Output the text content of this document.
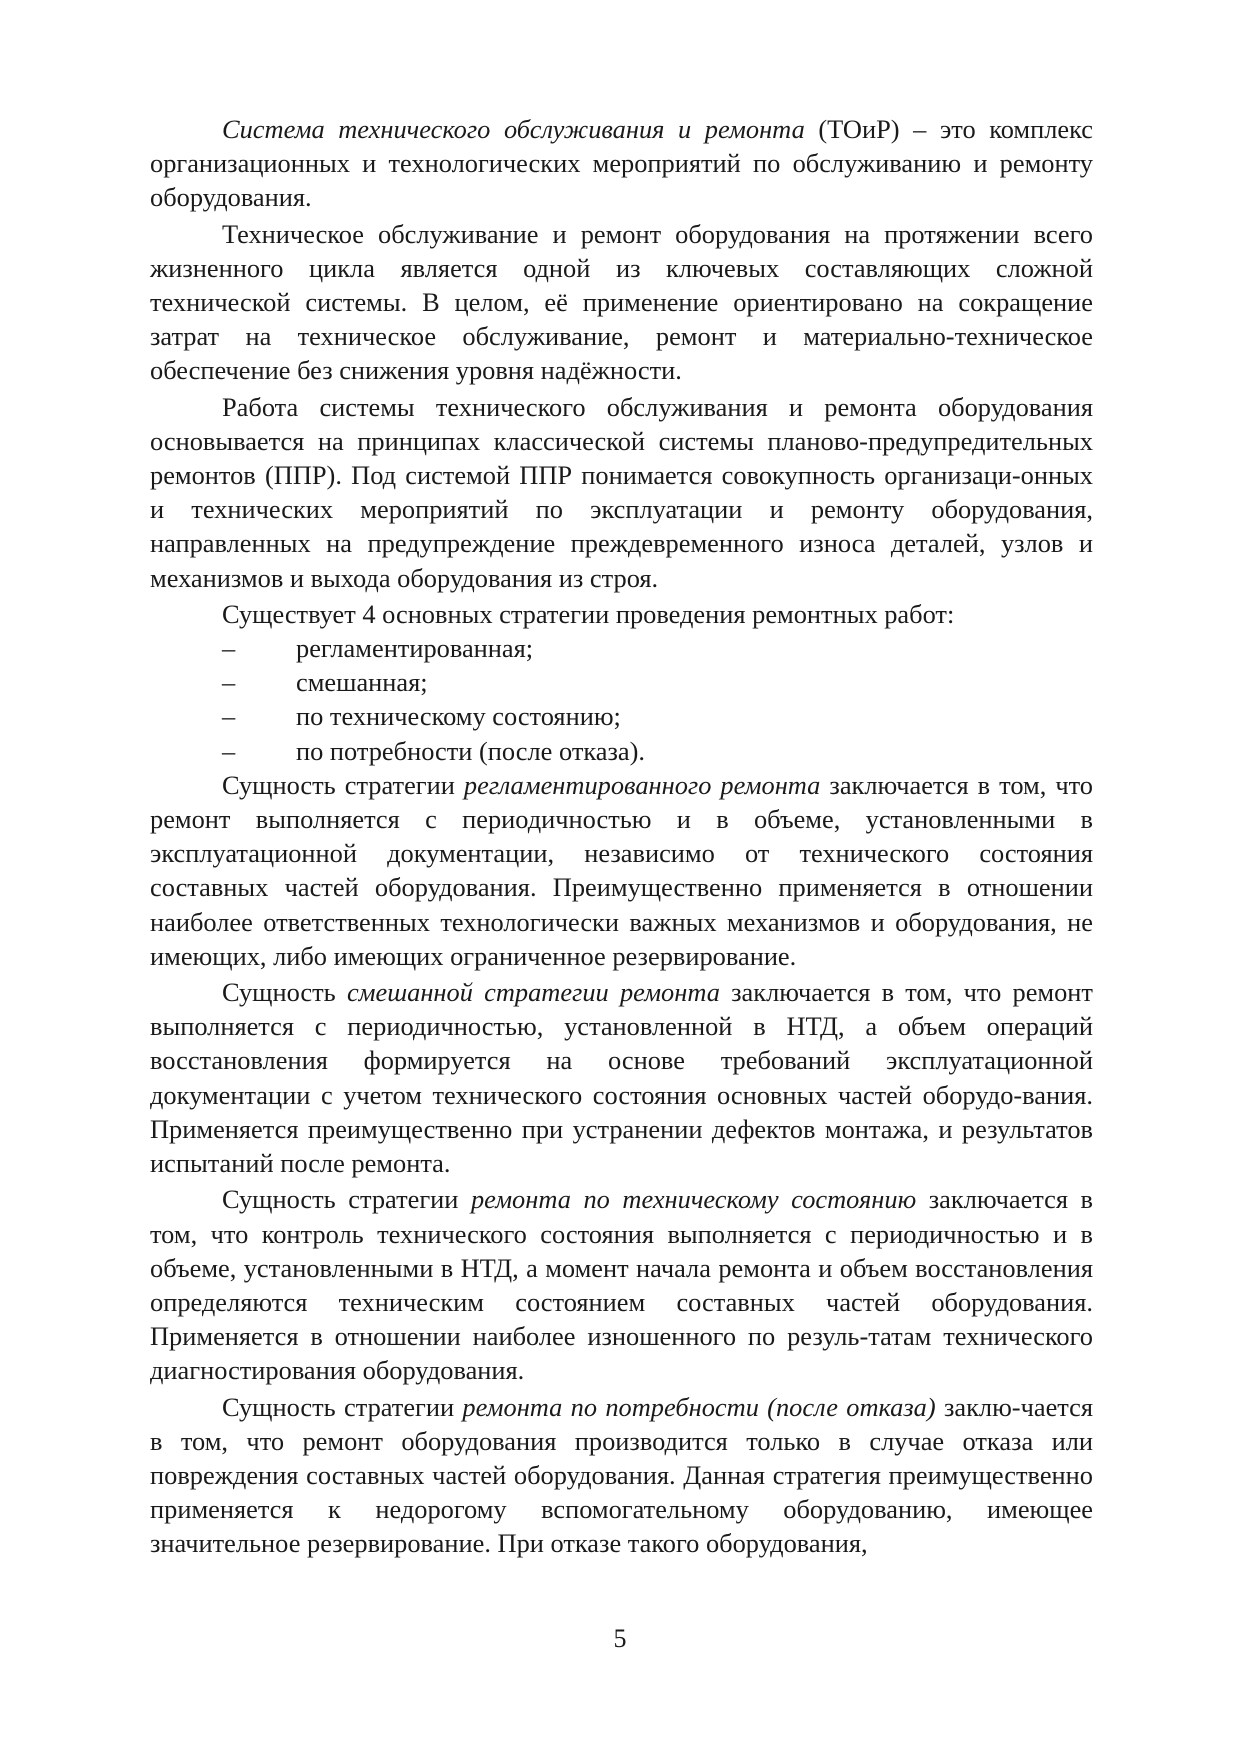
Система технического обслуживания и ремонта (ТОиР) – это комплекс организационных и технологических мероприятий по обслуживанию и ремонту оборудования.

Техническое обслуживание и ремонт оборудования на протяжении всего жизненного цикла является одной из ключевых составляющих сложной технической системы. В целом, её применение ориентировано на сокращение затрат на техническое обслуживание, ремонт и материально-техническое обеспечение без снижения уровня надёжности.

Работа системы технического обслуживания и ремонта оборудования основывается на принципах классической системы планово-предупредительных ремонтов (ППР). Под системой ППР понимается совокупность организаци-онных и технических мероприятий по эксплуатации и ремонту оборудования, направленных на предупреждение преждевременного износа деталей, узлов и механизмов и выхода оборудования из строя.

Существует 4 основных стратегии проведения ремонтных работ:

– регламентированная;
– смешанная;
– по техническому состоянию;
– по потребности (после отказа).

Сущность стратегии регламентированного ремонта заключается в том, что ремонт выполняется с периодичностью и в объеме, установленными в эксплуатационной документации, независимо от технического состояния составных частей оборудования. Преимущественно применяется в отношении наиболее ответственных технологически важных механизмов и оборудования, не имеющих, либо имеющих ограниченное резервирование.

Сущность смешанной стратегии ремонта заключается в том, что ремонт выполняется с периодичностью, установленной в НТД, а объем операций восстановления формируется на основе требований эксплуатационной документации с учетом технического состояния основных частей оборудо-вания. Применяется преимущественно при устранении дефектов монтажа, и результатов испытаний после ремонта.

Сущность стратегии ремонта по техническому состоянию заключается в том, что контроль технического состояния выполняется с периодичностью и в объеме, установленными в НТД, а момент начала ремонта и объем восстановления определяются техническим состоянием составных частей оборудования. Применяется в отношении наиболее изношенного по резуль-татам технического диагностирования оборудования.

Сущность стратегии ремонта по потребности (после отказа) заклю-чается в том, что ремонт оборудования производится только в случае отказа или повреждения составных частей оборудования. Данная стратегия преимущественно применяется к недорогому вспомогательному оборудованию, имеющее значительное резервирование. При отказе такого оборудования,

5
